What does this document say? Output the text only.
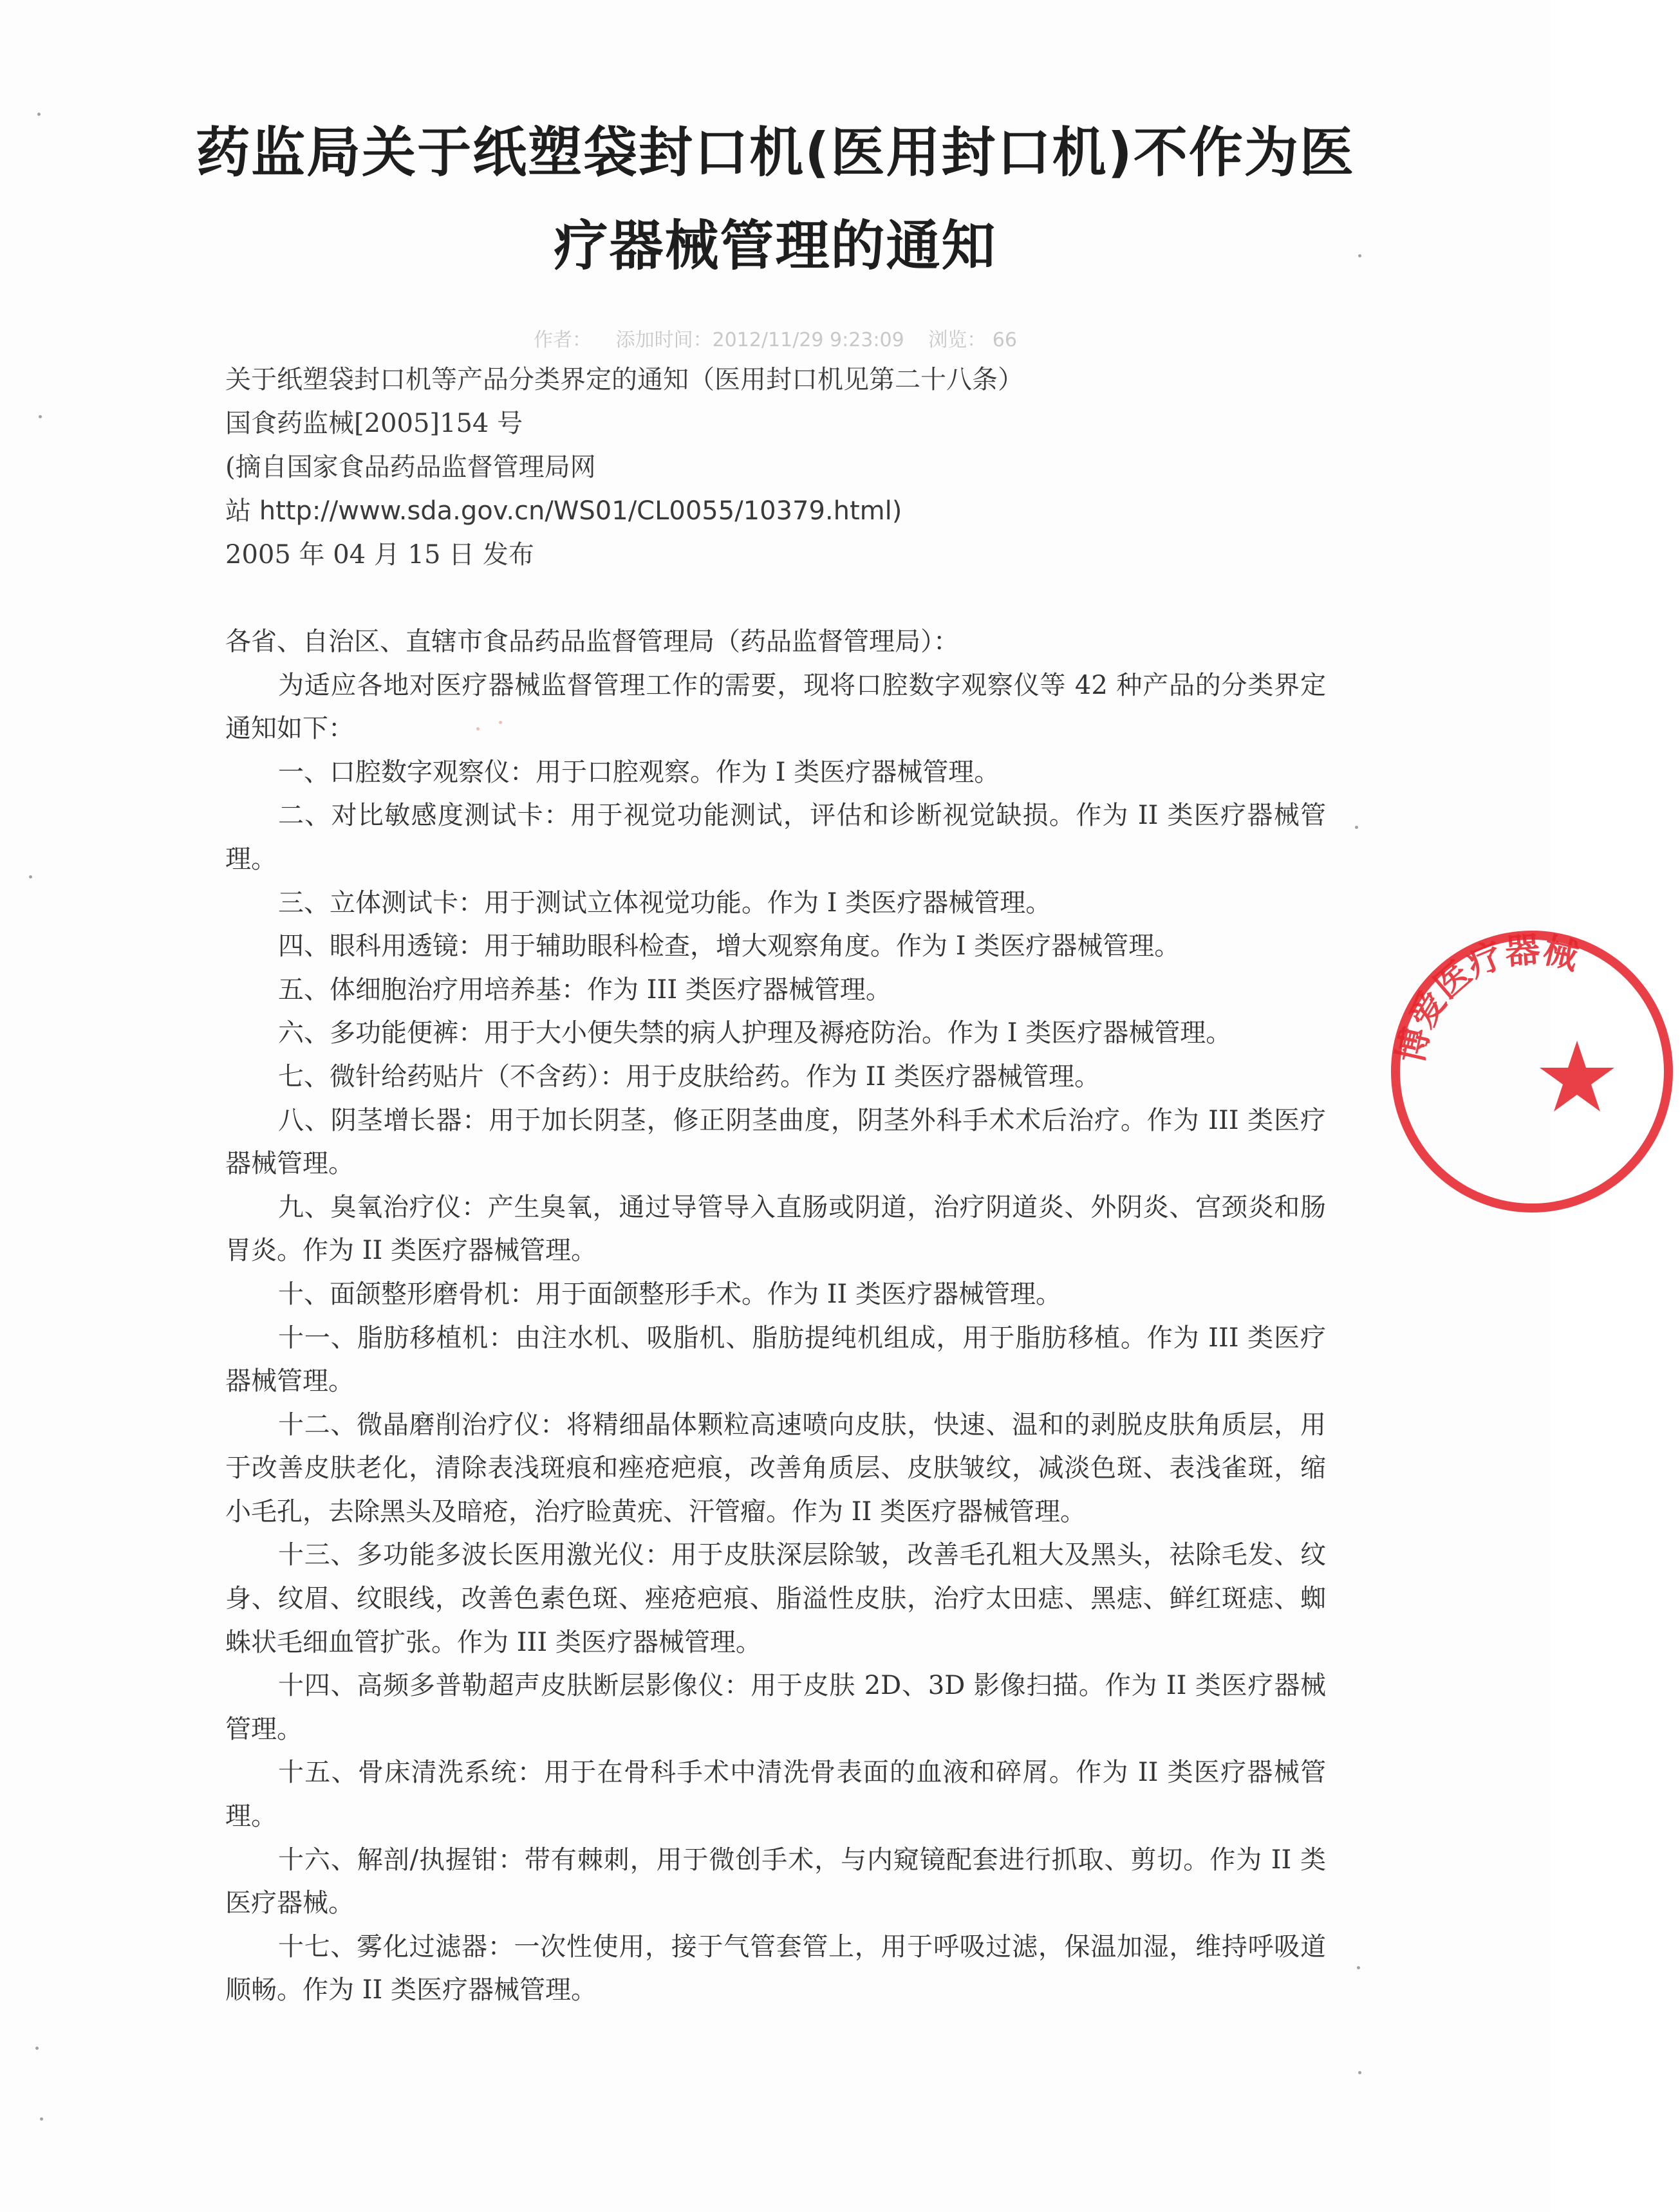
药监局关于纸塑袋封口机(医用封口机)不作为医
疗器械管理的通知
作者： 添加时间：2012/11/29 9:23:09 浏览： 66
关于纸塑袋封口机等产品分类界定的通知（医用封口机见第二十八条）
国食药监械[2005]154 号
(摘自国家食品药品监督管理局网
站 http://www.sda.gov.cn/WS01/CL0055/10379.html)
2005 年 04 月 15 日 发布

各省、自治区、直辖市食品药品监督管理局（药品监督管理局）：

为适应各地对医疗器械监督管理工作的需要，现将口腔数字观察仪等 42 种产品的分类界定通知如下：

一、口腔数字观察仪：用于口腔观察。作为 I 类医疗器械管理。

二、对比敏感度测试卡：用于视觉功能测试，评估和诊断视觉缺损。作为 II 类医疗器械管理。

三、立体测试卡：用于测试立体视觉功能。作为 I 类医疗器械管理。

四、眼科用透镜：用于辅助眼科检查，增大观察角度。作为 I 类医疗器械管理。

五、体细胞治疗用培养基：作为 III 类医疗器械管理。

六、多功能便裤：用于大小便失禁的病人护理及褥疮防治。作为 I 类医疗器械管理。

七、微针给药贴片（不含药）：用于皮肤给药。作为 II 类医疗器械管理。

八、阴茎增长器：用于加长阴茎，修正阴茎曲度，阴茎外科手术术后治疗。作为 III 类医疗器械管理。

九、臭氧治疗仪：产生臭氧，通过导管导入直肠或阴道，治疗阴道炎、外阴炎、宫颈炎和肠胃炎。作为 II 类医疗器械管理。

十、面颌整形磨骨机：用于面颌整形手术。作为 II 类医疗器械管理。

十一、脂肪移植机：由注水机、吸脂机、脂肪提纯机组成，用于脂肪移植。作为 III 类医疗器械管理。

十二、微晶磨削治疗仪：将精细晶体颗粒高速喷向皮肤，快速、温和的剥脱皮肤角质层，用于改善皮肤老化，清除表浅斑痕和痤疮疤痕，改善角质层、皮肤皱纹，减淡色斑、表浅雀斑，缩小毛孔，去除黑头及暗疮，治疗睑黄疣、汗管瘤。作为 II 类医疗器械管理。

十三、多功能多波长医用激光仪：用于皮肤深层除皱，改善毛孔粗大及黑头，祛除毛发、纹身、纹眉、纹眼线，改善色素色斑、痤疮疤痕、脂溢性皮肤，治疗太田痣、黑痣、鲜红斑痣、蜘蛛状毛细血管扩张。作为 III 类医疗器械管理。

十四、高频多普勒超声皮肤断层影像仪：用于皮肤 2D、3D 影像扫描。作为 II 类医疗器械管理。

十五、骨床清洗系统：用于在骨科手术中清洗骨表面的血液和碎屑。作为 II 类医疗器械管理。

十六、解剖/执握钳：带有棘刺，用于微创手术，与内窥镜配套进行抓取、剪切。作为 II 类医疗器械。

十七、雾化过滤器：一次性使用，接于气管套管上，用于呼吸过滤，保温加湿，维持呼吸道顺畅。作为 II 类医疗器械管理。

博爱医疗器械
